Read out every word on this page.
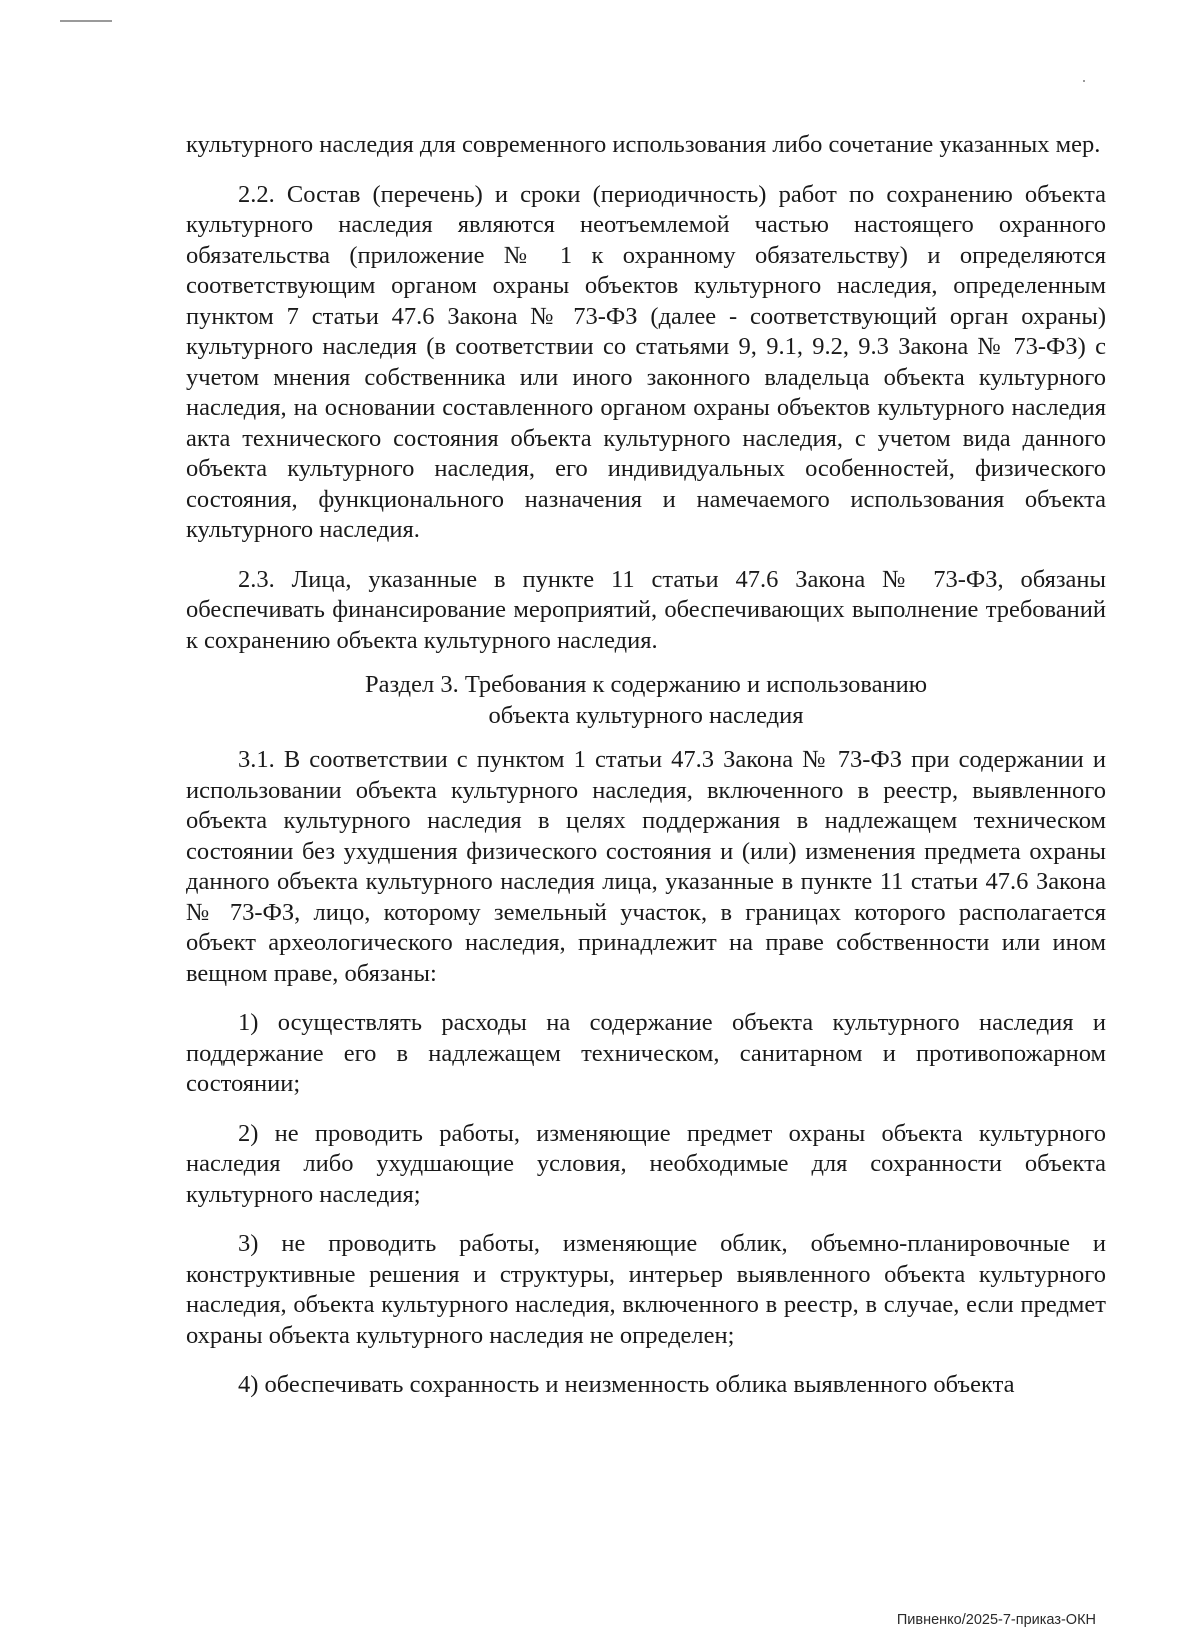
культурного наследия для современного использования либо сочетание указанных мер.

2.2. Состав (перечень) и сроки (периодичность) работ по сохранению объекта культурного наследия являются неотъемлемой частью настоящего охранного обязательства (приложение № 1 к охранному обязательству) и определяются соответствующим органом охраны объектов культурного наследия, определенным пунктом 7 статьи 47.6 Закона № 73-ФЗ (далее - соответствующий орган охраны) культурного наследия (в соответствии со статьями 9, 9.1, 9.2, 9.3 Закона № 73-ФЗ) с учетом мнения собственника или иного законного владельца объекта культурного наследия, на основании составленного органом охраны объектов культурного наследия акта технического состояния объекта культурного наследия, с учетом вида данного объекта культурного наследия, его индивидуальных особенностей, физического состояния, функционального назначения и намечаемого использования объекта культурного наследия.

2.3. Лица, указанные в пункте 11 статьи 47.6 Закона № 73-ФЗ, обязаны обеспечивать финансирование мероприятий, обеспечивающих выполнение требований к сохранению объекта культурного наследия.

Раздел 3. Требования к содержанию и использованию
объекта культурного наследия

3.1. В соответствии с пунктом 1 статьи 47.3 Закона № 73-ФЗ при содержании и использовании объекта культурного наследия, включенного в реестр, выявленного объекта культурного наследия в целях поддержания в надлежащем техническом состоянии без ухудшения физического состояния и (или) изменения предмета охраны данного объекта культурного наследия лица, указанные в пункте 11 статьи 47.6 Закона № 73-ФЗ, лицо, которому земельный участок, в границах которого располагается объект археологического наследия, принадлежит на праве собственности или ином вещном праве, обязаны:

1) осуществлять расходы на содержание объекта культурного наследия и поддержание его в надлежащем техническом, санитарном и противопожарном состоянии;

2) не проводить работы, изменяющие предмет охраны объекта культурного наследия либо ухудшающие условия, необходимые для сохранности объекта культурного наследия;

3) не проводить работы, изменяющие облик, объемно-планировочные и конструктивные решения и структуры, интерьер выявленного объекта культурного наследия, объекта культурного наследия, включенного в реестр, в случае, если предмет охраны объекта культурного наследия не определен;

4) обеспечивать сохранность и неизменность облика выявленного объекта

Пивненко/2025-7-приказ-ОКН
